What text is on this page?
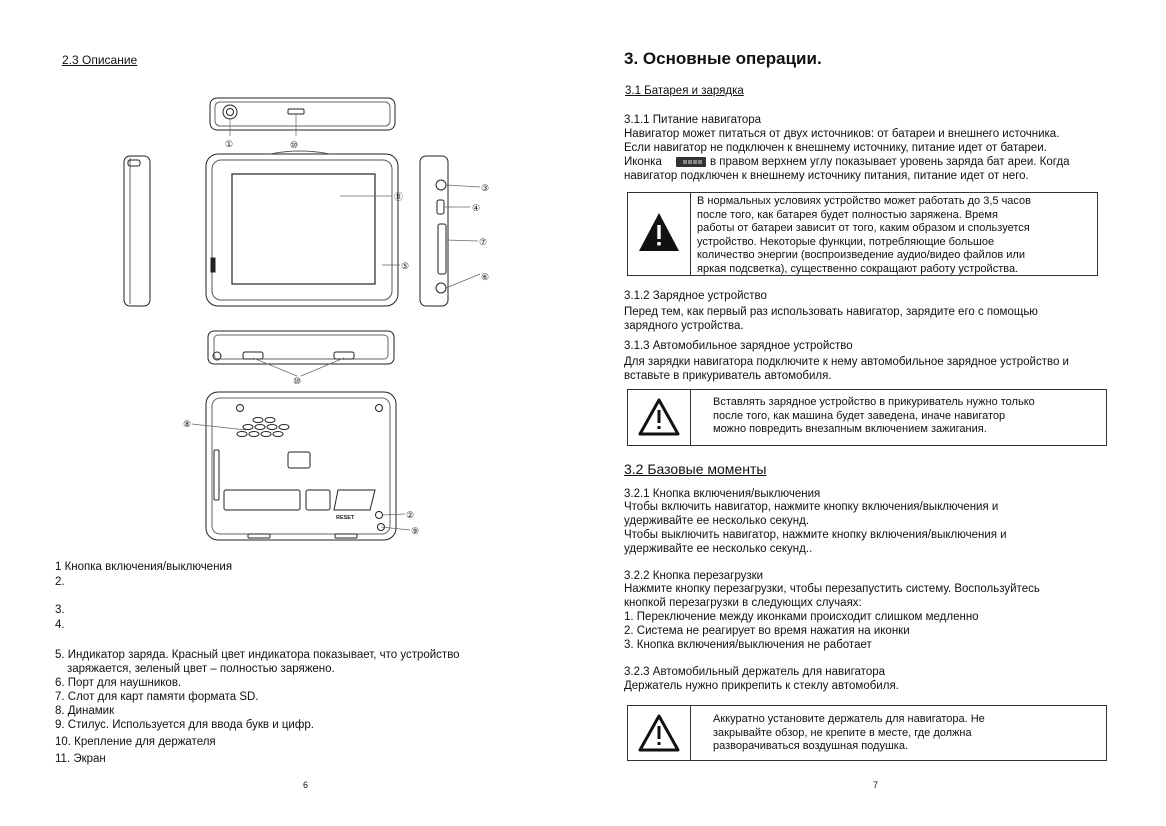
2.3 Описание
RESET
①
②
③
④
⑤
⑥
⑦
⑧
⑨
⑩
⑩
⑪
1 Кнопка включения/выключения
2.
3.
4.
5. Индикатор заряда. Красный цвет индикатора показывает, что устройство
заряжается, зеленый цвет – полностью заряжено.
6. Порт для наушников.
7. Слот для карт памяти формата SD.
8. Динамик
9. Стилус. Используется для ввода букв и цифр.
10. Крепление для держателя
11. Экран
6
3. Основные операции.
3.1 Батарея и зарядка
3.1.1 Питание навигатора
Навигатор может питаться от двух источников: от батареи и внешнего источника.
Если навигатор не подключен к внешнему источнику, питание идет от батареи.
Иконка	в правом верхнем углу показывает уровень заряда бат ареи. Когда
навигатор подключен к внешнему источнику питания, питание идет от него.
В нормальных условиях устройство может работать до 3,5 часов
после того, как батарея будет полностью заряжена. Время
работы от батареи зависит от того, каким образом и спользуется
устройство. Некоторые функции, потребляющие большое
количество энергии (воспроизведение аудио/видео файлов или
яркая подсветка), существенно сокращают работу устройства.
3.1.2 Зарядное устройство
Перед тем, как первый раз использовать навигатор, зарядите его с помощью
зарядного устройства.
3.1.3 Автомобильное зарядное устройство
Для зарядки навигатора подключите к нему автомобильное зарядное устройство и
вставьте в прикуриватель автомобиля.
Вставлять зарядное устройство в прикуриватель нужно только
после того, как машина будет заведена, иначе навигатор
можно повредить внезапным включением зажигания.
3.2 Базовые моменты
3.2.1 Кнопка включения/выключения
Чтобы включить навигатор, нажмите кнопку включения/выключения и
удерживайте ее несколько секунд.
Чтобы выключить навигатор, нажмите кнопку включения/выключения и
удерживайте ее несколько секунд..
3.2.2 Кнопка перезагрузки
Нажмите кнопку перезагрузки, чтобы перезапустить систему. Воспользуйтесь
кнопкой перезагрузки в следующих случаях:
1. Переключение между иконками происходит слишком медленно
2. Система не реагирует во время нажатия на иконки
3. Кнопка включения/выключения не работает
3.2.3 Автомобильный держатель для навигатора
Держатель нужно прикрепить к стеклу автомобиля.
Аккуратно установите держатель для навигатора. Не
закрывайте обзор, не крепите в месте, где должна
разворачиваться воздушная подушка.
7
